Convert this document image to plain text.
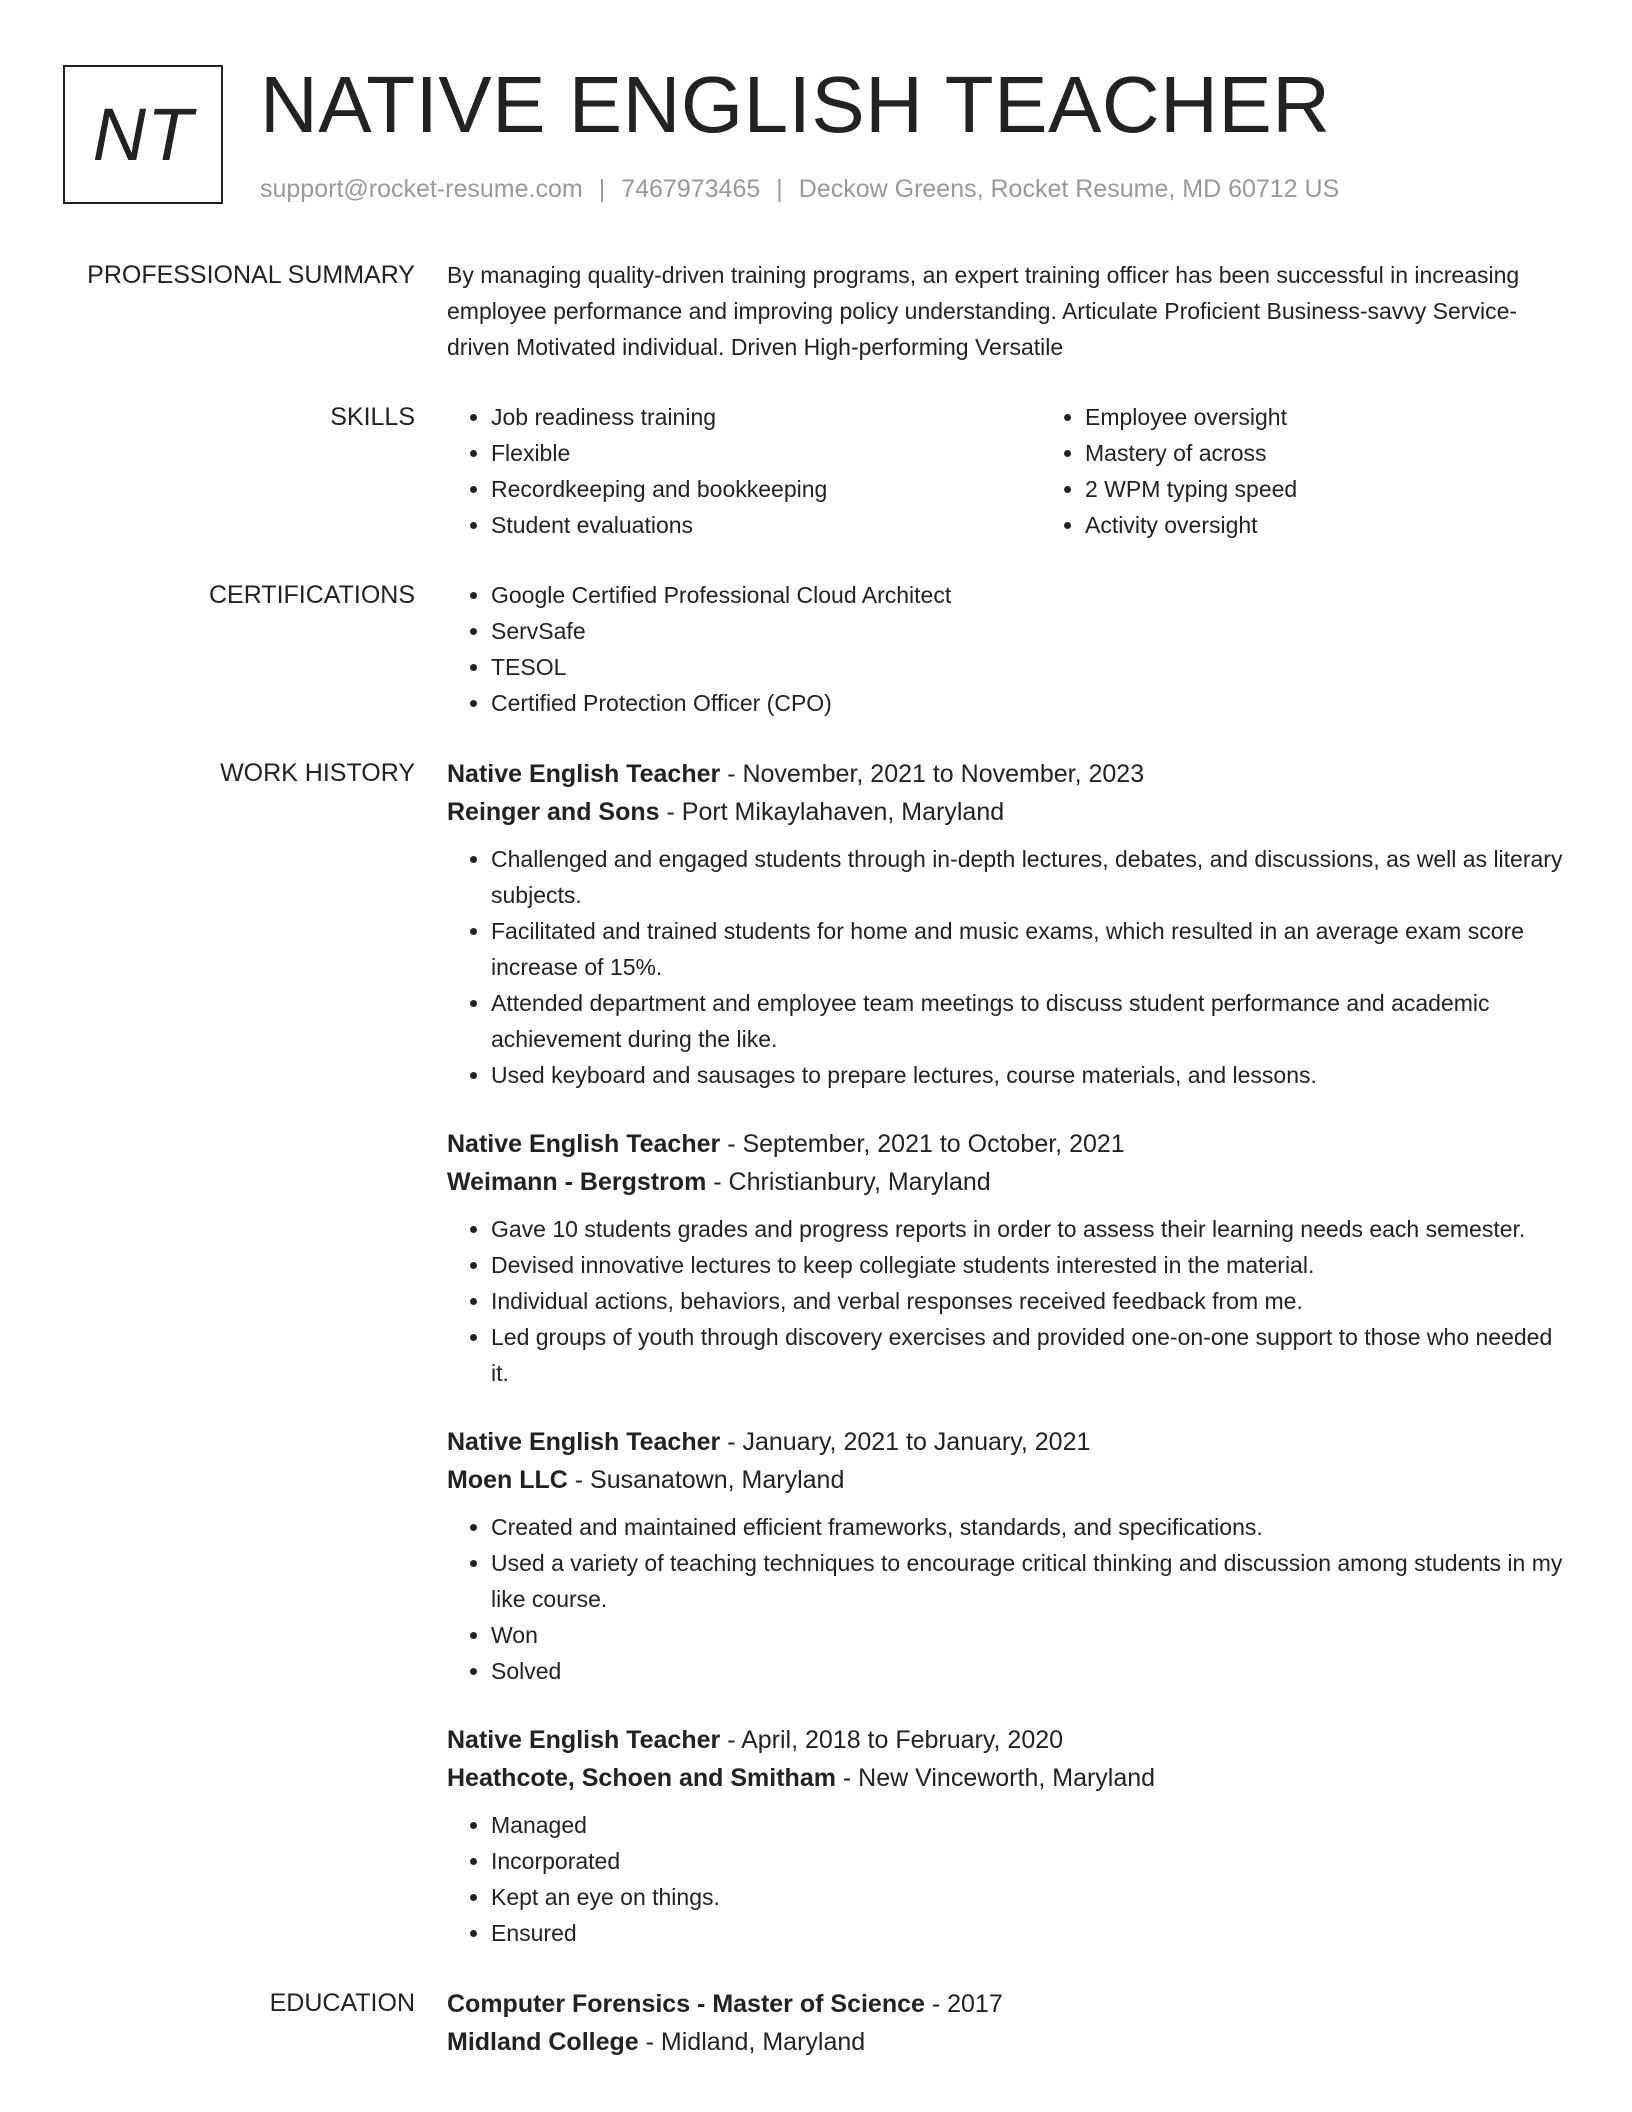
NT NATIVE ENGLISH TEACHER
support@rocket-resume.com | 7467973465 | Deckow Greens, Rocket Resume, MD 60712 US
PROFESSIONAL SUMMARY By managing quality-driven training programs, an expert training officer has been successful in increasing employee performance and improving policy understanding. Articulate Proficient Business-savvy Service-driven Motivated individual. Driven High-performing Versatile

SKILLS	• Job readiness training
• Flexible
• Recordkeeping and bookkeeping
• Student evaluations
• Employee oversight
• Mastery of across
• 2 WPM typing speed
• Activity oversight
CERTIFICATIONS	• Google Certified Professional Cloud Architect
• ServSafe
• TESOL
• Certified Protection Officer (CPO)
WORK HISTORY Native English Teacher - November, 2021 to November, 2023
Reinger and Sons - Port Mikaylahaven, Maryland
• Challenged and engaged students through in-depth lectures, debates, and discussions, as well as literary subjects.
• Facilitated and trained students for home and music exams, which resulted in an average exam score increase of 15%.
• Attended department and employee team meetings to discuss student performance and academic achievement during the like.
• Used keyboard and sausages to prepare lectures, course materials, and lessons.
Native English Teacher - September, 2021 to October, 2021
Weimann - Bergstrom - Christianbury, Maryland
• Gave 10 students grades and progress reports in order to assess their learning needs each semester.
• Devised innovative lectures to keep collegiate students interested in the material.
• Individual actions, behaviors, and verbal responses received feedback from me.
• Led groups of youth through discovery exercises and provided one-on-one support to those who needed it.
Native English Teacher - January, 2021 to January, 2021
Moen LLC - Susanatown, Maryland
• Created and maintained efficient frameworks, standards, and specifications.
• Used a variety of teaching techniques to encourage critical thinking and discussion among students in my like course.
• Won
• Solved
Native English Teacher - April, 2018 to February, 2020
Heathcote, Schoen and Smitham - New Vinceworth, Maryland
• Managed
• Incorporated
• Kept an eye on things.
• Ensured
EDUCATION Computer Forensics - Master of Science - 2017
Midland College - Midland, Maryland
